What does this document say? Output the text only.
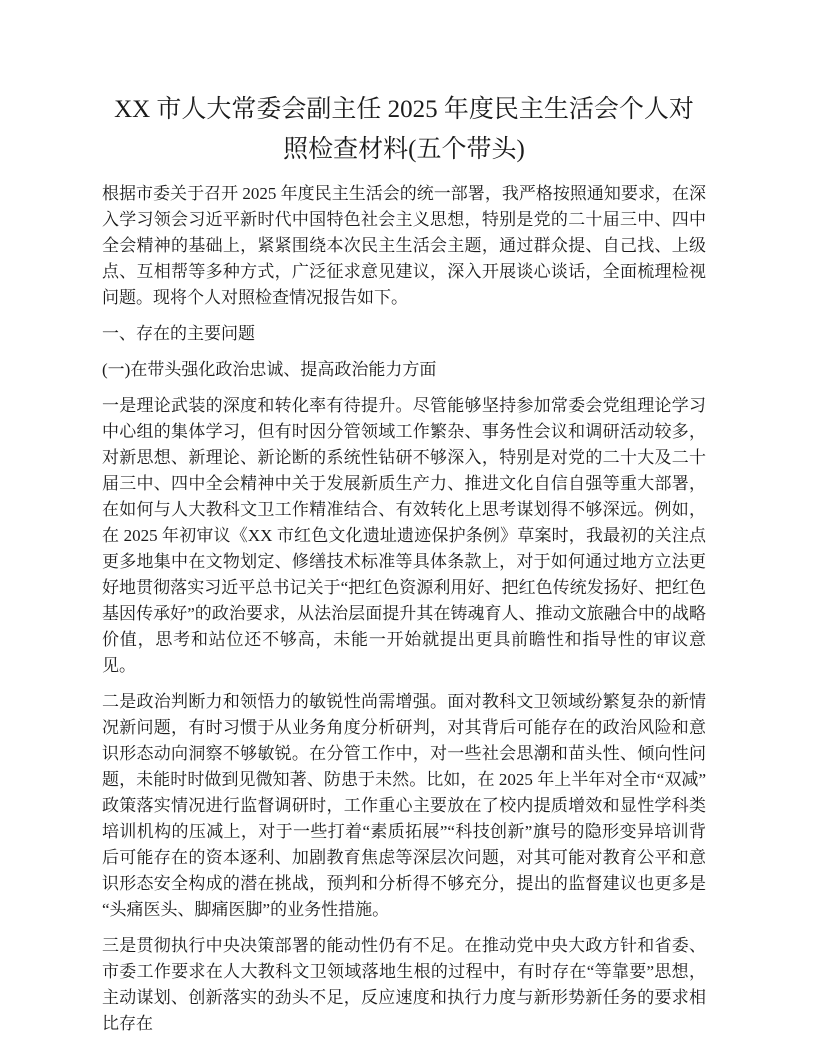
XX 市人大常委会副主任 2025 年度民主生活会个人对照检查材料(五个带头)

根据市委关于召开 2025 年度民主生活会的统一部署，我严格按照通知要求，在深入学习领会习近平新时代中国特色社会主义思想，特别是党的二十届三中、四中全会精神的基础上，紧紧围绕本次民主生活会主题，通过群众提、自己找、上级点、互相帮等多种方式，广泛征求意见建议，深入开展谈心谈话，全面梳理检视问题。现将个人对照检查情况报告如下。

一、存在的主要问题

(一)在带头强化政治忠诚、提高政治能力方面

一是理论武装的深度和转化率有待提升。尽管能够坚持参加常委会党组理论学习中心组的集体学习，但有时因分管领域工作繁杂、事务性会议和调研活动较多，对新思想、新理论、新论断的系统性钻研不够深入，特别是对党的二十大及二十届三中、四中全会精神中关于发展新质生产力、推进文化自信自强等重大部署，在如何与人大教科文卫工作精准结合、有效转化上思考谋划得不够深远。例如，在 2025 年初审议《XX 市红色文化遗址遗迹保护条例》草案时，我最初的关注点更多地集中在文物划定、修缮技术标准等具体条款上，对于如何通过地方立法更好地贯彻落实习近平总书记关于“把红色资源利用好、把红色传统发扬好、把红色基因传承好”的政治要求，从法治层面提升其在铸魂育人、推动文旅融合中的战略价值，思考和站位还不够高，未能一开始就提出更具前瞻性和指导性的审议意见。

二是政治判断力和领悟力的敏锐性尚需增强。面对教科文卫领域纷繁复杂的新情况新问题，有时习惯于从业务角度分析研判，对其背后可能存在的政治风险和意识形态动向洞察不够敏锐。在分管工作中，对一些社会思潮和苗头性、倾向性问题，未能时时做到见微知著、防患于未然。比如，在 2025 年上半年对全市“双减”政策落实情况进行监督调研时，工作重心主要放在了校内提质增效和显性学科类培训机构的压减上，对于一些打着“素质拓展”“科技创新”旗号的隐形变异培训背后可能存在的资本逐利、加剧教育焦虑等深层次问题，对其可能对教育公平和意识形态安全构成的潜在挑战，预判和分析得不够充分，提出的监督建议也更多是“头痛医头、脚痛医脚”的业务性措施。

三是贯彻执行中央决策部署的能动性仍有不足。在推动党中央大政方针和省委、市委工作要求在人大教科文卫领域落地生根的过程中，有时存在“等靠要”思想，主动谋划、创新落实的劲头不足，反应速度和执行力度与新形势新任务的要求相比存在
